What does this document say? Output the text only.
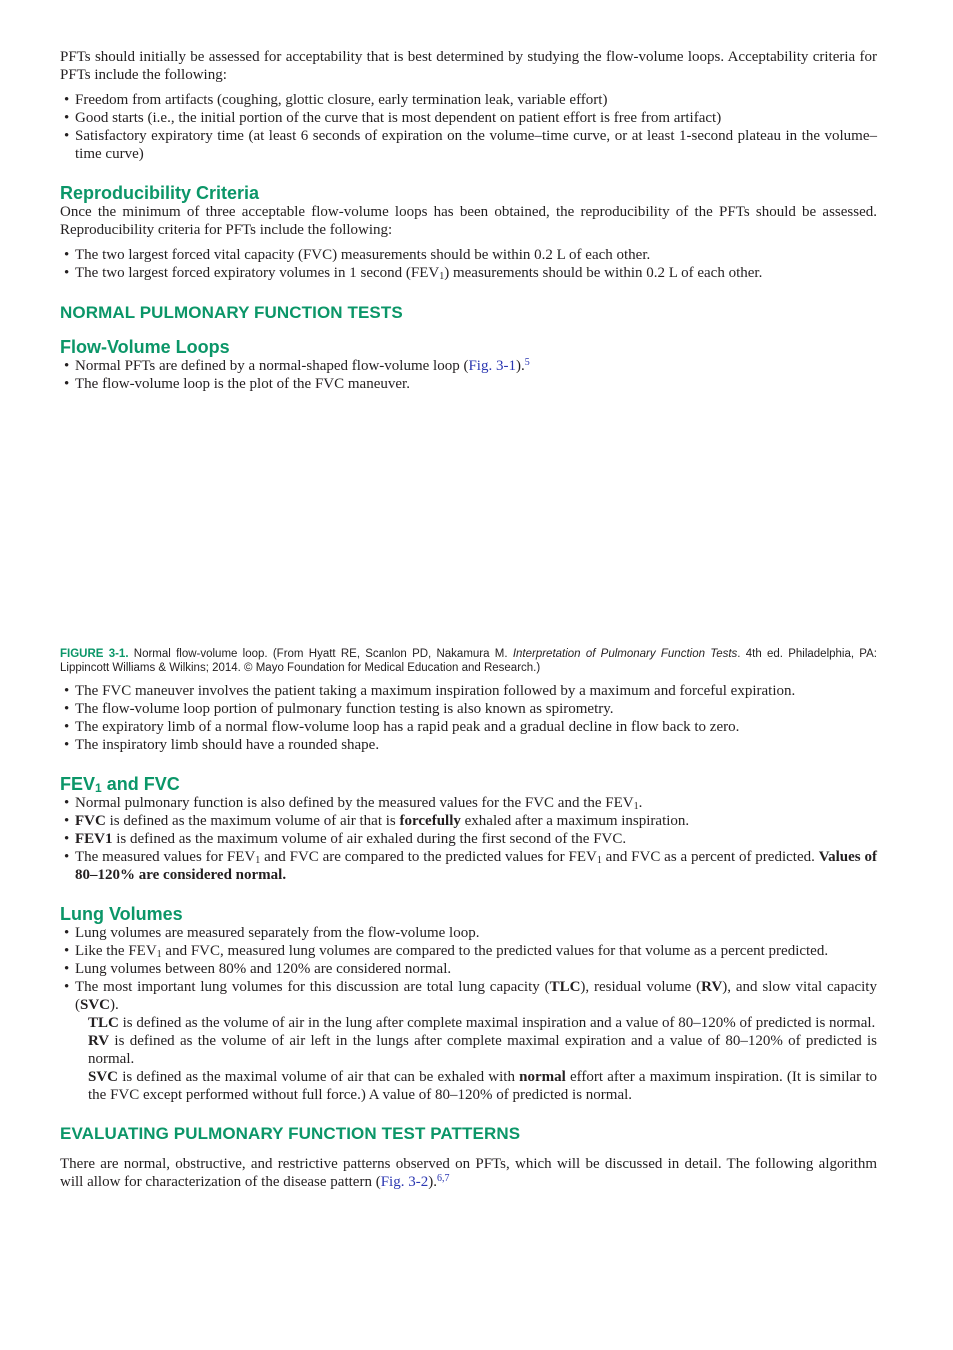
PFTs should initially be assessed for acceptability that is best determined by studying the flow-volume loops. Acceptability criteria for PFTs include the following:

• Freedom from artifacts (coughing, glottic closure, early termination leak, variable effort)
• Good starts (i.e., the initial portion of the curve that is most dependent on patient effort is free from artifact)
• Satisfactory expiratory time (at least 6 seconds of expiration on the volume–time curve, or at least 1-second plateau in the volume–time curve)
Reproducibility Criteria

Once the minimum of three acceptable flow-volume loops has been obtained, the reproducibility of the PFTs should be assessed. Reproducibility criteria for PFTs include the following:

• The two largest forced vital capacity (FVC) measurements should be within 0.2 L of each other.
• The two largest forced expiratory volumes in 1 second $(FEV_1)$ measurements should be within 0.2 L of each other.
NORMAL PULMONARY FUNCTION TESTS
Flow-Volume Loops
• Normal PFTs are defined by a normal-shaped flow-volume loop (Fig. 3-1).$^5$
• The flow-volume loop is the plot of the FVC maneuver.

FIGURE 3-1. Normal flow-volume loop. (From Hyatt RE, Scanlon PD, Nakamura M. Interpretation of Pulmonary Function Tests. 4th ed. Philadelphia, PA: Lippincott Williams & Wilkins; 2014. © Mayo Foundation for Medical Education and Research.)

• The FVC maneuver involves the patient taking a maximum inspiration followed by a maximum and forceful expiration.
• The flow-volume loop portion of pulmonary function testing is also known as spirometry.
• The expiratory limb of a normal flow-volume loop has a rapid peak and a gradual decline in flow back to zero.
• The inspiratory limb should have a rounded shape.
$FEV_1$ and FVC
• Normal pulmonary function is also defined by the measured values for the FVC and the $FEV_1$.
• FVC is defined as the maximum volume of air that is forcefully exhaled after a maximum inspiration.
• FEV1 is defined as the maximum volume of air exhaled during the first second of the FVC.
• The measured values for $FEV_1$ and FVC are compared to the predicted values for $FEV_1$ and FVC as a percent of predicted. Values of 80–120% are considered normal.
Lung Volumes
• Lung volumes are measured separately from the flow-volume loop.
• Like the $FEV_1$ and FVC, measured lung volumes are compared to the predicted values for that volume as a percent predicted.
• Lung volumes between 80% and 120% are considered normal.
• The most important lung volumes for this discussion are total lung capacity (TLC), residual volume (RV), and slow vital capacity (SVC).
TLC is defined as the volume of air in the lung after complete maximal inspiration and a value of 80–120% of predicted is normal.
RV is defined as the volume of air left in the lungs after complete maximal expiration and a value of 80–120% of predicted is normal.
SVC is defined as the maximal volume of air that can be exhaled with normal effort after a maximum inspiration. (It is similar to the FVC except performed without full force.) A value of 80–120% of predicted is normal.
EVALUATING PULMONARY FUNCTION TEST PATTERNS

There are normal, obstructive, and restrictive patterns observed on PFTs, which will be discussed in detail. The following algorithm will allow for characterization of the disease pattern (Fig. 3-2).$^{6,7}$
